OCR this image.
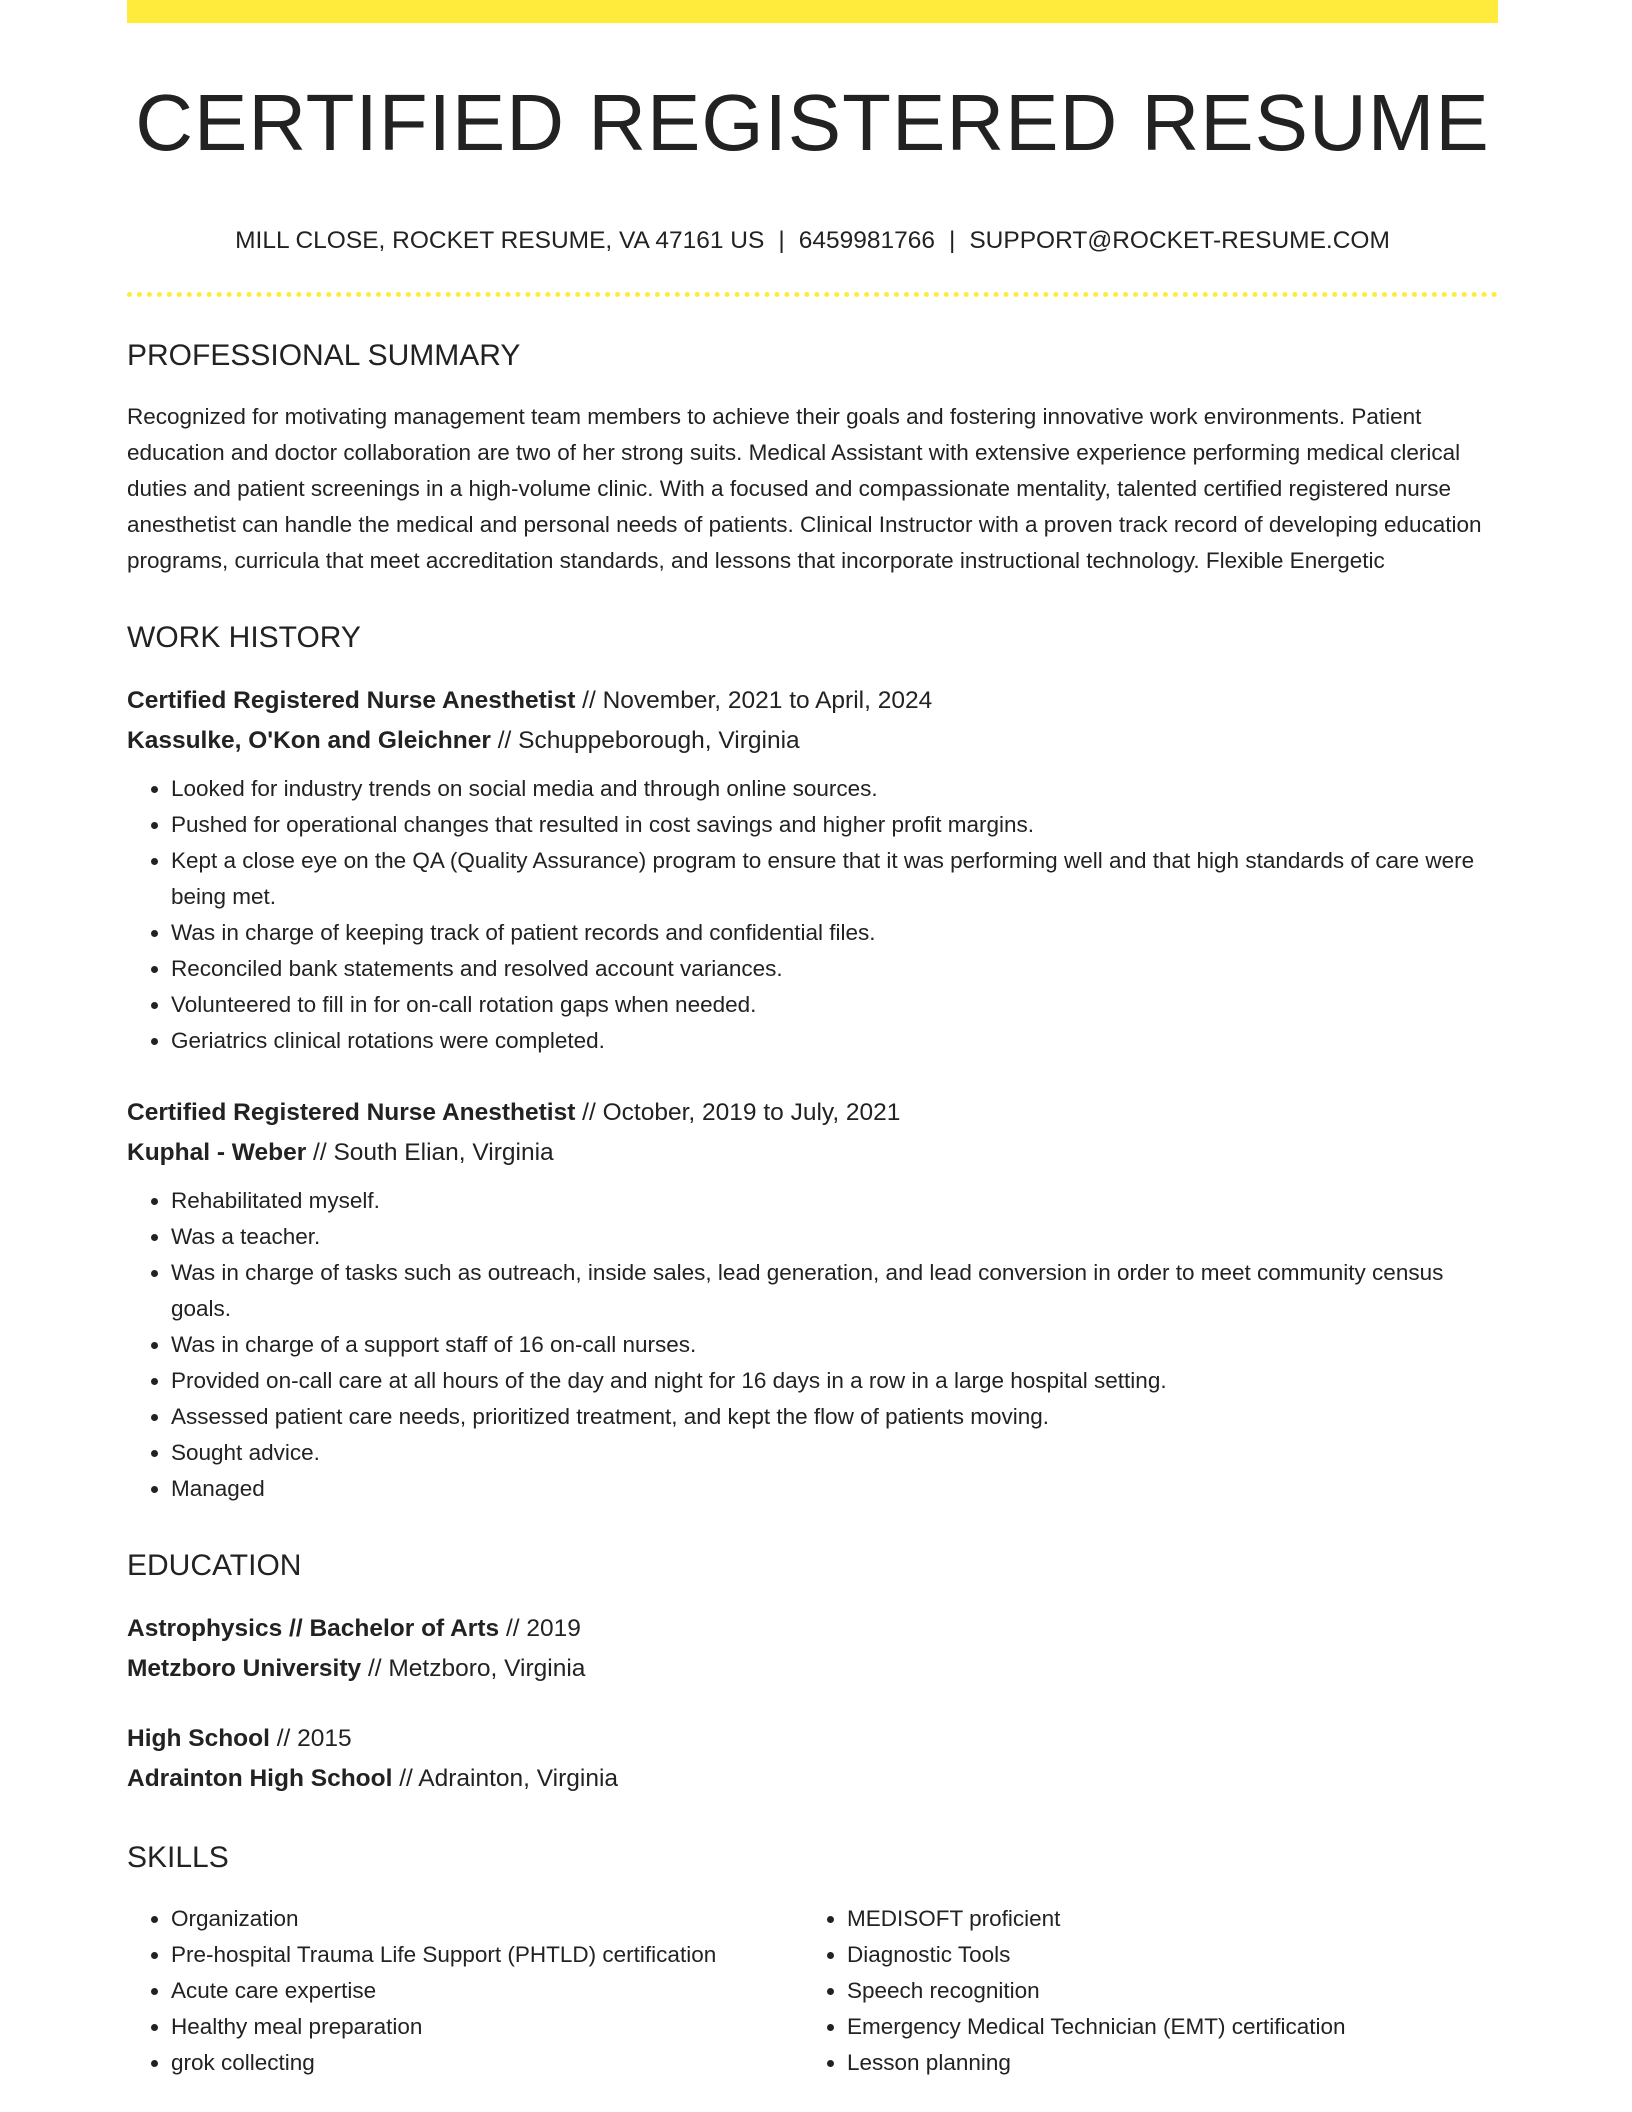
CERTIFIED REGISTERED RESUME
MILL CLOSE, ROCKET RESUME, VA 47161 US | 6459981766 | SUPPORT@ROCKET-RESUME.COM
PROFESSIONAL SUMMARY
Recognized for motivating management team members to achieve their goals and fostering innovative work environments. Patient education and doctor collaboration are two of her strong suits. Medical Assistant with extensive experience performing medical clerical duties and patient screenings in a high-volume clinic. With a focused and compassionate mentality, talented certified registered nurse anesthetist can handle the medical and personal needs of patients. Clinical Instructor with a proven track record of developing education programs, curricula that meet accreditation standards, and lessons that incorporate instructional technology. Flexible Energetic
WORK HISTORY
Certified Registered Nurse Anesthetist // November, 2021 to April, 2024
Kassulke, O'Kon and Gleichner // Schuppeborough, Virginia
• Looked for industry trends on social media and through online sources.
• Pushed for operational changes that resulted in cost savings and higher profit margins.
• Kept a close eye on the QA (Quality Assurance) program to ensure that it was performing well and that high standards of care were being met.
• Was in charge of keeping track of patient records and confidential files.
• Reconciled bank statements and resolved account variances.
• Volunteered to fill in for on-call rotation gaps when needed.
• Geriatrics clinical rotations were completed.
Certified Registered Nurse Anesthetist // October, 2019 to July, 2021
Kuphal - Weber // South Elian, Virginia
• Rehabilitated myself.
• Was a teacher.
• Was in charge of tasks such as outreach, inside sales, lead generation, and lead conversion in order to meet community census goals.
• Was in charge of a support staff of 16 on-call nurses.
• Provided on-call care at all hours of the day and night for 16 days in a row in a large hospital setting.
• Assessed patient care needs, prioritized treatment, and kept the flow of patients moving.
• Sought advice.
• Managed
EDUCATION
Astrophysics // Bachelor of Arts // 2019
Metzboro University // Metzboro, Virginia
High School // 2015
Adrainton High School // Adrainton, Virginia
SKILLS
• Organization
• Pre-hospital Trauma Life Support (PHTLD) certification
• Acute care expertise
• Healthy meal preparation
• grok collecting
• MEDISOFT proficient
• Diagnostic Tools
• Speech recognition
• Emergency Medical Technician (EMT) certification
• Lesson planning
